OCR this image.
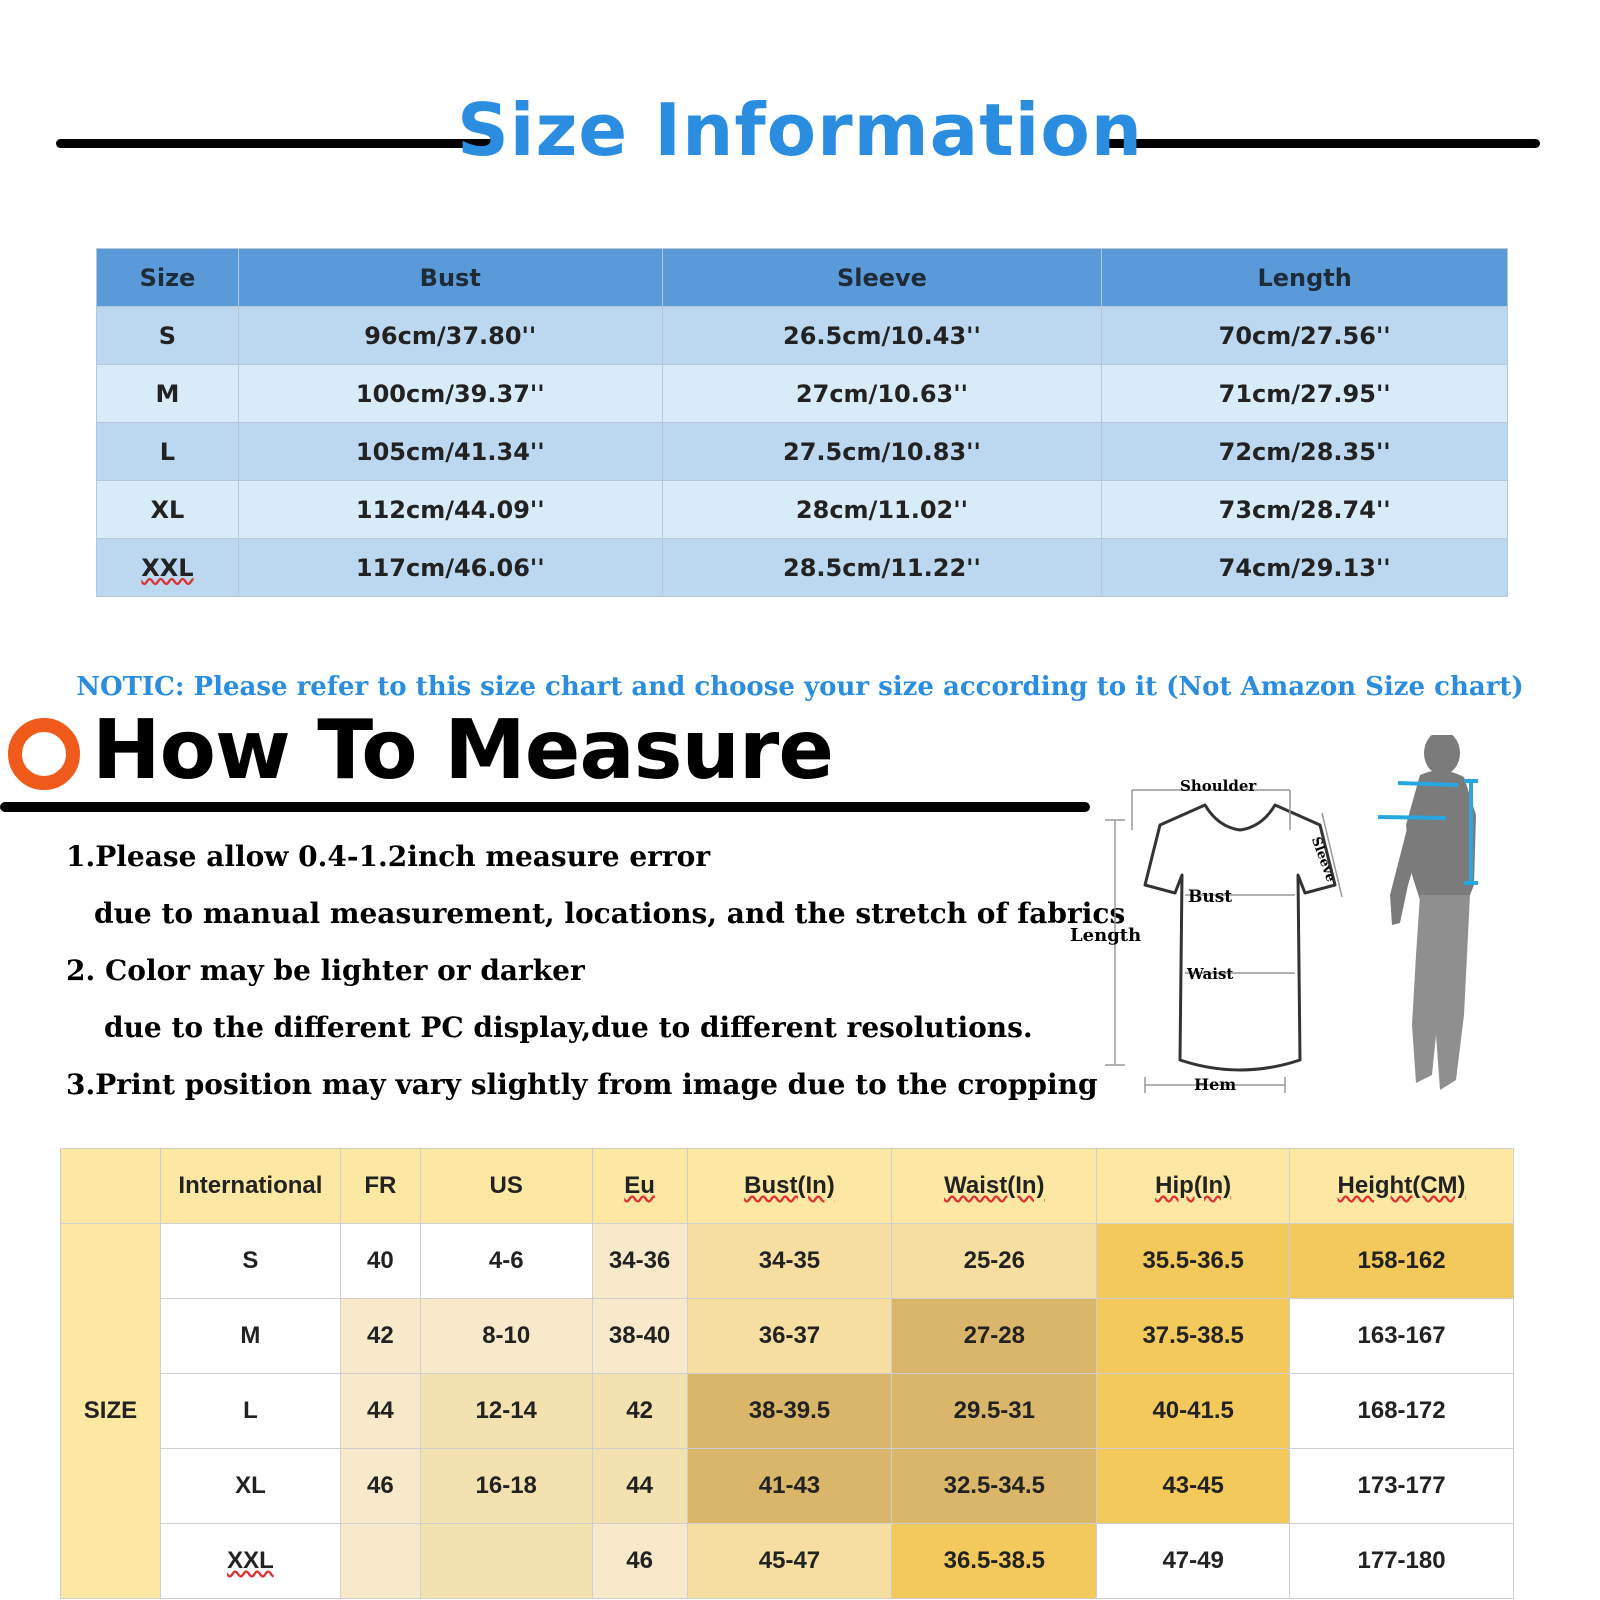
Size Information
Size	Bust	Sleeve	Length
S	96cm/37.80''	26.5cm/10.43''	70cm/27.56''
M	100cm/39.37''	27cm/10.63''	71cm/27.95''
L	105cm/41.34''	27.5cm/10.83''	72cm/28.35''
XL	112cm/44.09''	28cm/11.02''	73cm/28.74''
XXL	117cm/46.06''	28.5cm/11.22''	74cm/29.13''
NOTIC: Please refer to this size chart and choose your size according to it (Not Amazon Size chart)
How To Measure
1.Please allow 0.4-1.2inch measure error
due to manual measurement, locations, and the stretch of fabrics
2. Color may be lighter or darker
due to the different PC display,due to different resolutions.
3.Print position may vary slightly from image due to the cropping
Shoulder
Sleeve
Bust
Length
Waist
Hem
	International	FR	US	Eu	Bust(In)	Waist(In)	Hip(In)	Height(CM)
SIZE	S	40	4-6	34-36	34-35	25-26	35.5-36.5	158-162
	M	42	8-10	38-40	36-37	27-28	37.5-38.5	163-167
	L	44	12-14	42	38-39.5	29.5-31	40-41.5	168-172
	XL	46	16-18	44	41-43	32.5-34.5	43-45	173-177
	XXL			46	45-47	36.5-38.5	47-49	177-180
